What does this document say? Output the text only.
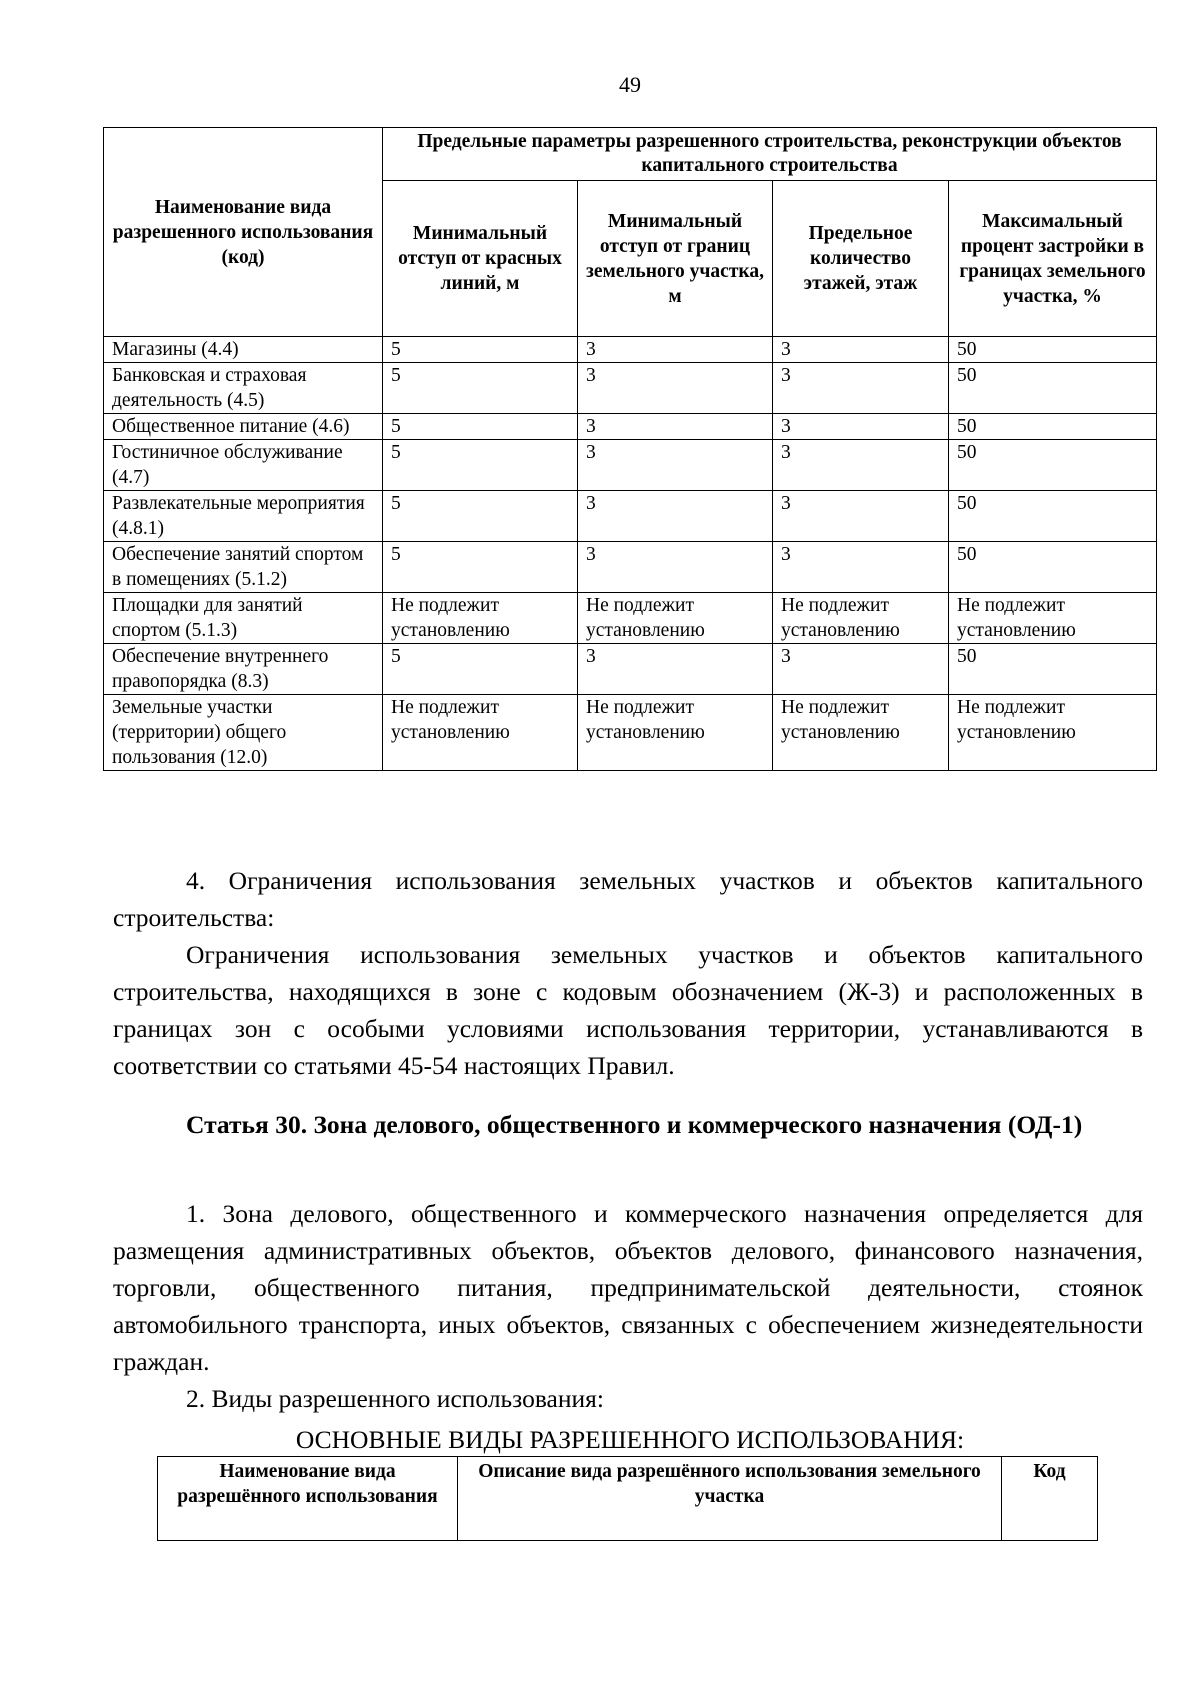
49
Наименование вида разрешенного использования (код)	Предельные параметры разрешенного строительства, реконструкции объектов капитального строительства			
	Минимальный отступ от красных линий, м	Минимальный отступ от границ земельного участка, м	Предельное количество этажей, этаж	Максимальный процент застройки в границах земельного участка, %
Магазины (4.4)	5	3	3	50
Банковская и страховая деятельность (4.5)	5	3	3	50
Общественное питание (4.6)	5	3	3	50
Гостиничное обслуживание (4.7)	5	3	3	50
Развлекательные мероприятия (4.8.1)	5	3	3	50
Обеспечение занятий спортом в помещениях (5.1.2)	5	3	3	50
Площадки для занятий спортом (5.1.3)	Не подлежит установлению	Не подлежит установлению	Не подлежит установлению	Не подлежит установлению
Обеспечение внутреннего правопорядка (8.3)	5	3	3	50
Земельные участки (территории) общего пользования (12.0)	Не подлежит установлению	Не подлежит установлению	Не подлежит установлению	Не подлежит установлению
4. Ограничения использования земельных участков и объектов капитального строительства:
Ограничения использования земельных участков и объектов капитального строительства, находящихся в зоне с кодовым обозначением (Ж-3) и расположенных в границах зон с особыми условиями использования территории, устанавливаются в соответствии со статьями 45-54 настоящих Правил.
Статья 30. Зона делового, общественного и коммерческого назначения (ОД-1)
1. Зона делового, общественного и коммерческого назначения определяется для размещения административных объектов, объектов делового, финансового назначения, торговли, общественного питания, предпринимательской деятельности, стоянок автомобильного транспорта, иных объектов, связанных с обеспечением жизнедеятельности граждан.
2. Виды разрешенного использования:
ОСНОВНЫЕ ВИДЫ РАЗРЕШЕННОГО ИСПОЛЬЗОВАНИЯ:
Наименование вида разрешённого использования	Описание вида разрешённого использования земельного участка	Код
